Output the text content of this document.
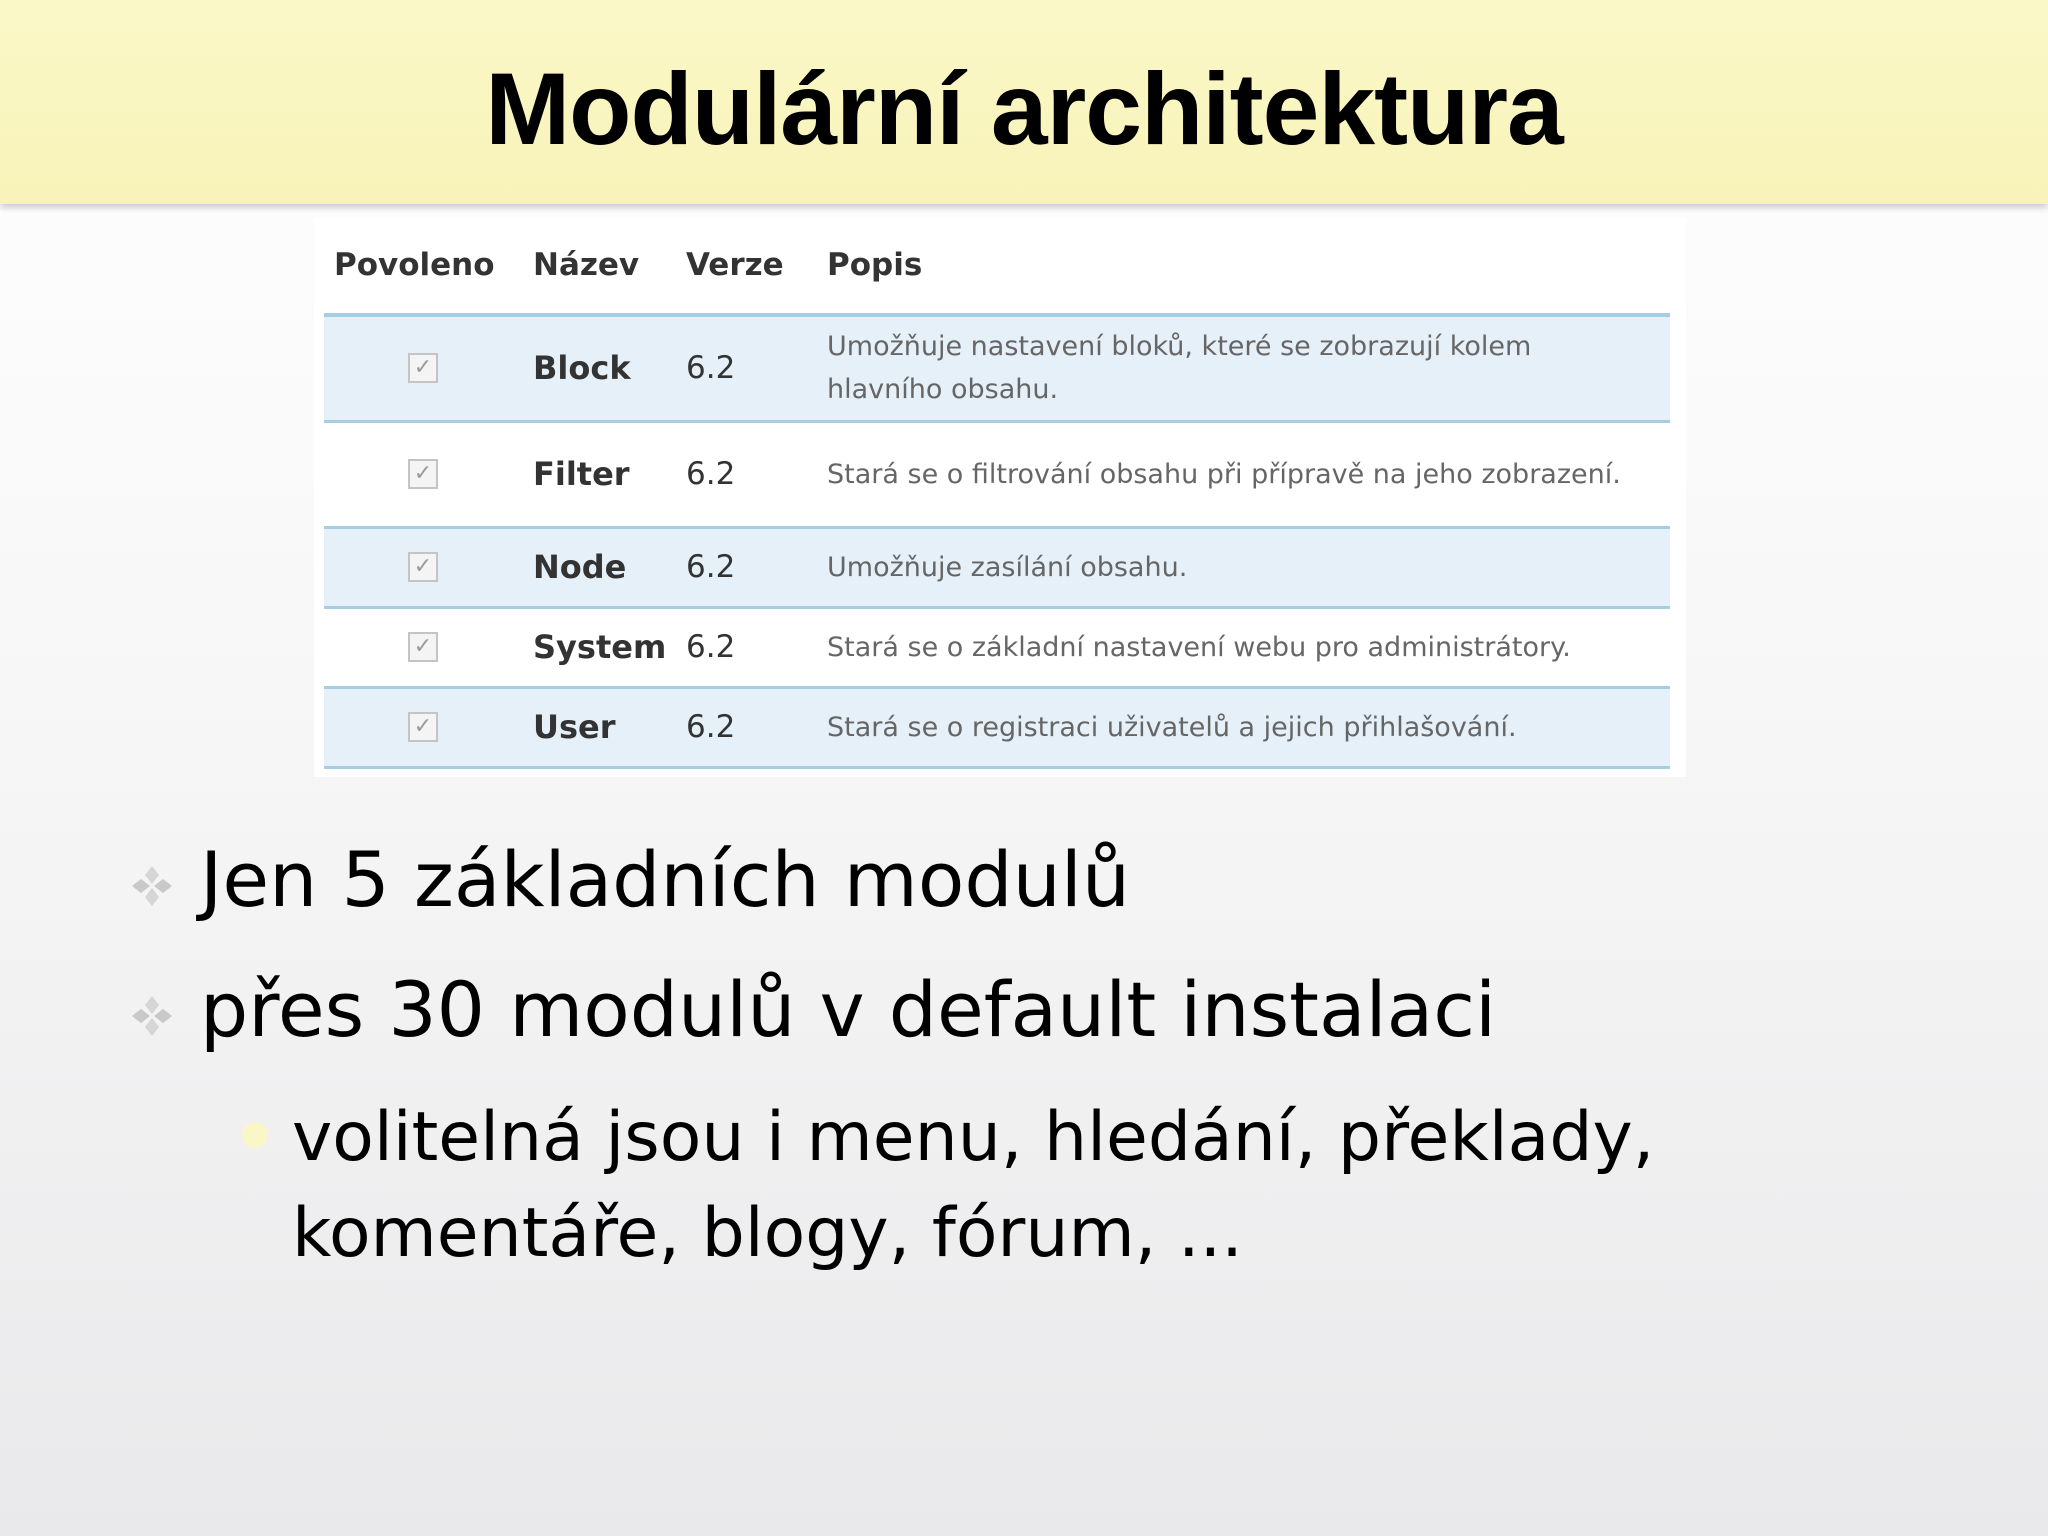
Modulární architektura
Povoleno	Název	Verze	Popis

✓	Block	6.2	Umožňuje nastavení bloků, které se zobrazují kolem hlavního obsahu.

✓	Filter	6.2	Stará se o filtrování obsahu při přípravě na jeho zobrazení.

✓	Node	6.2	Umožňuje zasílání obsahu.

✓	System	6.2	Stará se o základní nastavení webu pro administrátory.

✓	User	6.2	Stará se o registraci uživatelů a jejich přihlašování.
Jen 5 základních modulů
přes 30 modulů v default instalaci
volitelná jsou i menu, hledání, překlady, komentáře, blogy, fórum, ...
